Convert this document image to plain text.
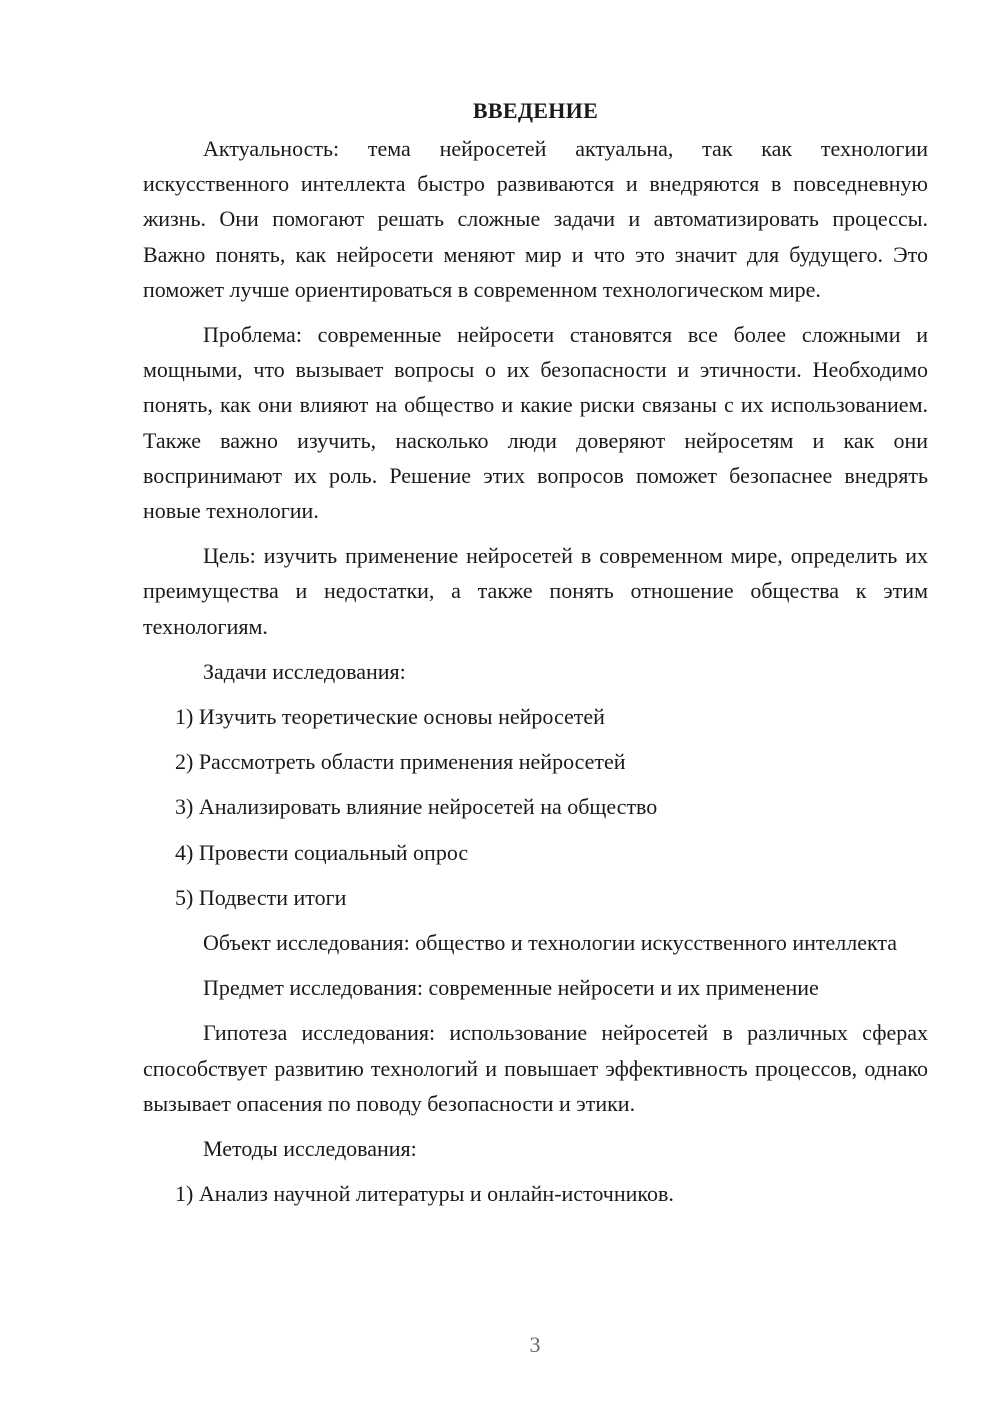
ВВЕДЕНИЕ

Актуальность: тема нейросетей актуальна, так как технологии искусственного интеллекта быстро развиваются и внедряются в повседневную жизнь. Они помогают решать сложные задачи и автоматизировать процессы. Важно понять, как нейросети меняют мир и что это значит для будущего. Это поможет лучше ориентироваться в современном технологическом мире.

Проблема: современные нейросети становятся все более сложными и мощными, что вызывает вопросы о их безопасности и этичности. Необходимо понять, как они влияют на общество и какие риски связаны с их использованием. Также важно изучить, насколько люди доверяют нейросетям и как они воспринимают их роль. Решение этих вопросов поможет безопаснее внедрять новые технологии.

Цель: изучить применение нейросетей в современном мире, определить их преимущества и недостатки, а также понять отношение общества к этим технологиям.

Задачи исследования:

1) Изучить теоретические основы нейросетей

2) Рассмотреть области применения нейросетей

3) Анализировать влияние нейросетей на общество

4) Провести социальный опрос

5) Подвести итоги

Объект исследования: общество и технологии искусственного интеллекта

Предмет исследования: современные нейросети и их применение

Гипотеза исследования: использование нейросетей в различных сферах способствует развитию технологий и повышает эффективность процессов, однако вызывает опасения по поводу безопасности и этики.

Методы исследования:

1) Анализ научной литературы и онлайн-источников.

3
